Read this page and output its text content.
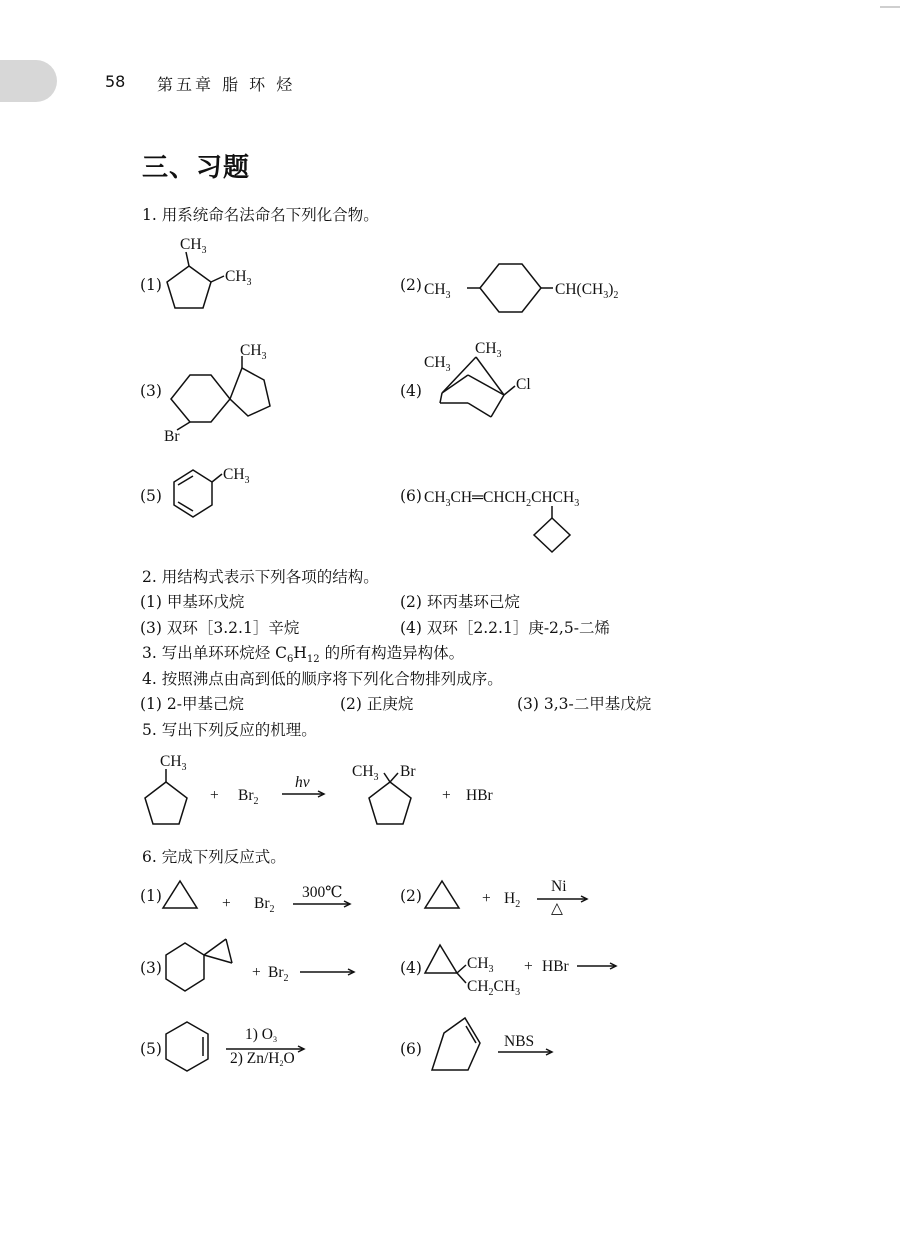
58 第五章 脂 环 烃
三、习题
1. 用系统命名法命名下列化合物。
(1)
$CH_3$
$CH_3$	(2) $CH_3$	$CH(CH_3)_2$
(3)
$CH_3$
Br
(4)
$CH_3$
$CH_3$
Cl
(5)
$CH_3$
(6) $CH_3CH═CHCH_2CHCH_3$
2. 用结构式表示下列各项的结构。
(1) 甲基环戊烷	(2) 环丙基环己烷
(3) 双环［3.2.1］辛烷	(4) 双环［2.2.1］庚-2,5-二烯
3. 写出单环环烷烃 $C_6H_{12}$ 的所有构造异构体。
4. 按照沸点由高到低的顺序将下列化合物排列成序。
(1) 2-甲基己烷	(2) 正庚烷	(3) 3,3-二甲基戊烷
5. 写出下列反应的机理。
$CH_3$
+ $Br_2$
hv
$CH_3$ Br
+ HBr
6. 完成下列反应式。
(1)	+ $Br_2$
300℃	(2)	+ $H_2$
Ni
△
(3)	+ $Br_2$
(4)	$CH_3$
$CH_2CH_3$
+ HBr
(5)
1) O3
2) Zn/H2O
(6)	NBS
